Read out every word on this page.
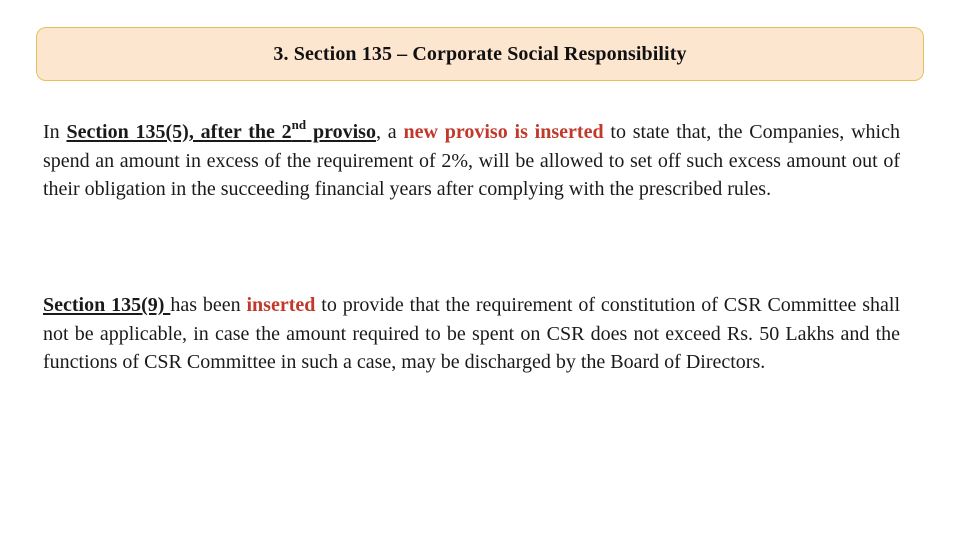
3. Section 135 – Corporate Social Responsibility

In Section 135(5), after the 2nd proviso, a new proviso is inserted to state that, the Companies, which spend an amount in excess of the requirement of 2%, will be allowed to set off such excess amount out of their obligation in the succeeding financial years after complying with the prescribed rules.

Section 135(9) has been inserted to provide that the requirement of constitution of CSR Committee shall not be applicable, in case the amount required to be spent on CSR does not exceed Rs. 50 Lakhs and the functions of CSR Committee in such a case, may be discharged by the Board of Directors.
